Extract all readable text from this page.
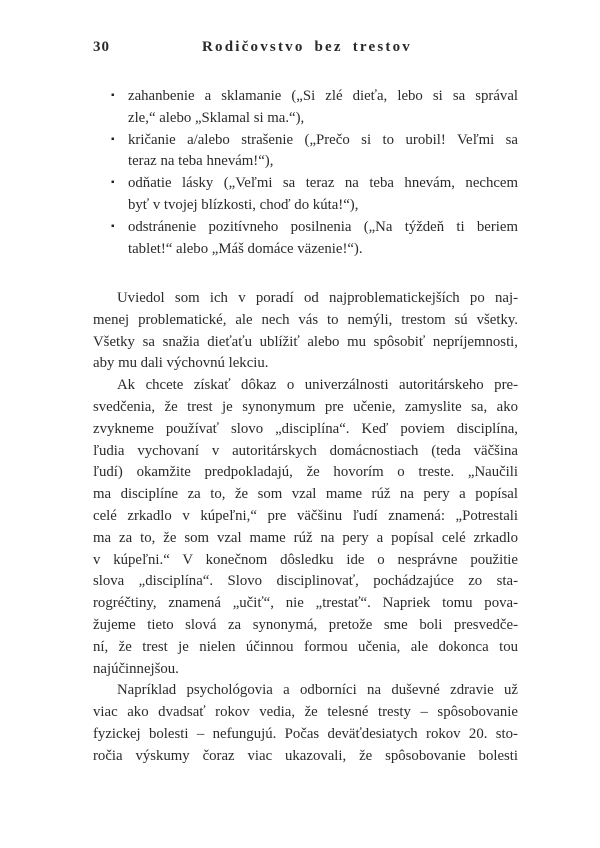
30	Rodičovstvo bez trestov
▪ zahanbenie a sklamanie („Si zlé dieťa, lebo si sa správal
zle,“ alebo „Sklamal si ma.“),
▪ kričanie a/alebo strašenie („Prečo si to urobil! Veľmi sa
teraz na teba hnevám!“),
▪ odňatie lásky („Veľmi sa teraz na teba hnevám, nechcem
byť v tvojej blízkosti, choď do kúta!“),
▪ odstránenie pozitívneho posilnenia („Na týždeň ti beriem
tablet!“ alebo „Máš domáce väzenie!“).
Uviedol som ich v poradí od najproblematickejších po naj-
menej problematické, ale nech vás to nemýli, trestom sú všetky.
Všetky sa snažia dieťaťu ublížiť alebo mu spôsobiť nepríjemnosti,
aby mu dali výchovnú lekciu.
Ak chcete získať dôkaz o univerzálnosti autoritárskeho pre-
svedčenia, že trest je synonymum pre učenie, zamyslite sa, ako
zvykneme používať slovo „disciplína“. Keď poviem disciplína,
ľudia vychovaní v autoritárskych domácnostiach (teda väčšina
ľudí) okamžite predpokladajú, že hovorím o treste. „Naučili
ma disciplíne za to, že som vzal mame rúž na pery a popísal
celé zrkadlo v kúpeľni,“ pre väčšinu ľudí znamená: „Potrestali
ma za to, že som vzal mame rúž na pery a popísal celé zrkadlo
v kúpeľni.“ V konečnom dôsledku ide o nesprávne použitie
slova „disciplína“. Slovo disciplinovať, pochádzajúce zo sta-
rogréčtiny, znamená „učiť“, nie „trestať“. Napriek tomu pova-
žujeme tieto slová za synonymá, pretože sme boli presvedče-
ní, že trest je nielen účinnou formou učenia, ale dokonca tou
najúčinnejšou.
Napríklad psychológovia a odborníci na duševné zdravie už
viac ako dvadsať rokov vedia, že telesné tresty – spôsobovanie
fyzickej bolesti – nefungujú. Počas deväťdesiatych rokov 20. sto-
ročia výskumy čoraz viac ukazovali, že spôsobovanie bolesti
